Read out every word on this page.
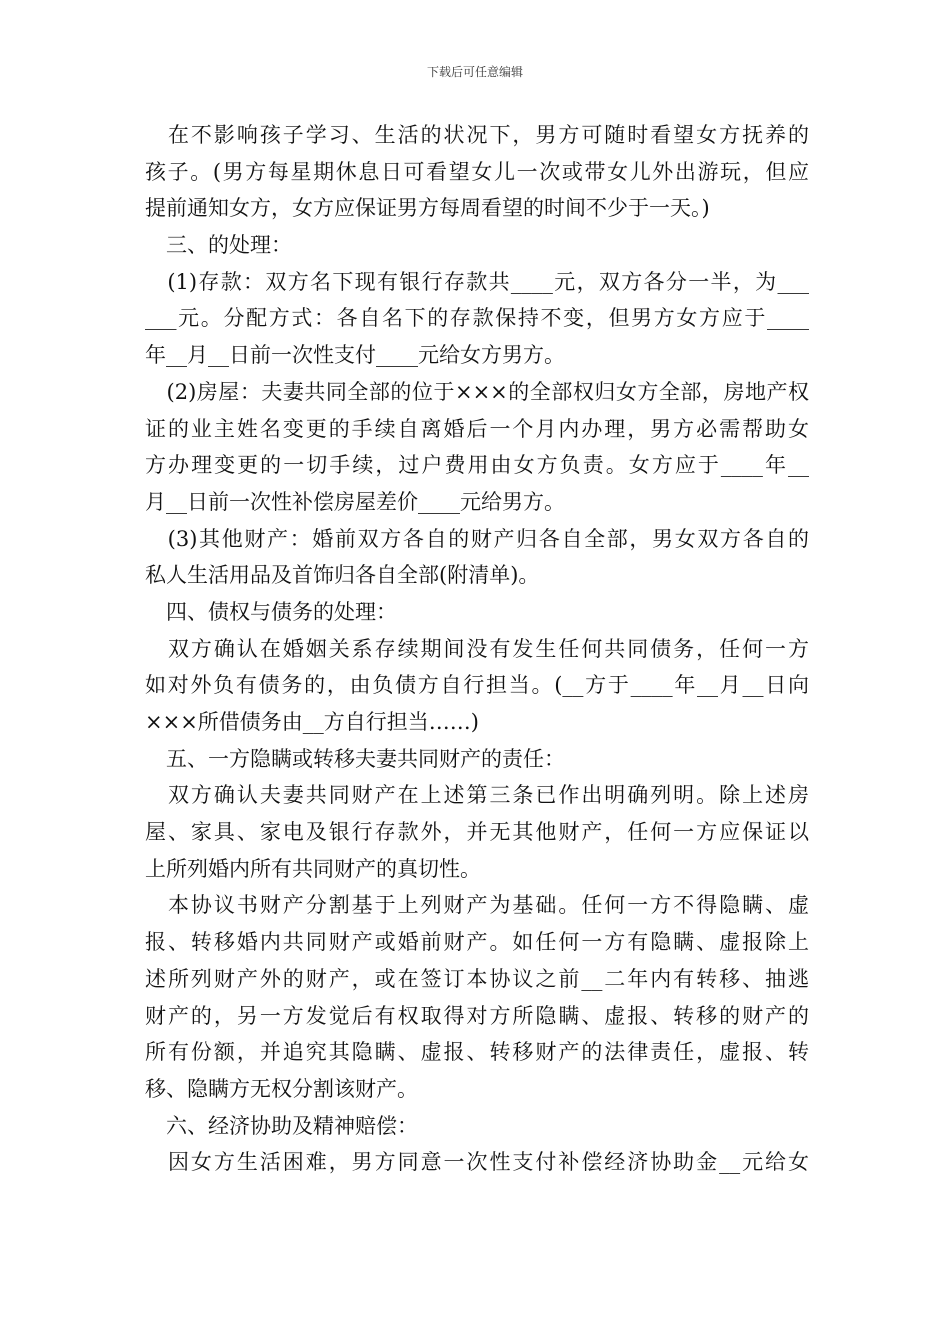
下载后可任意编辑
　在不影响孩子学习、生活的状况下，男方可随时看望女方抚养的
孩子。(男方每星期休息日可看望女儿一次或带女儿外出游玩，但应
提前通知女方，女方应保证男方每周看望的时间不少于一天。)
　三、的处理：
　(1)存款：双方名下现有银行存款共____元，双方各分一半，为___
___元。分配方式：各自名下的存款保持不变，但男方女方应于____
年__月__日前一次性支付____元给女方男方。
　(2)房屋：夫妻共同全部的位于×××的全部权归女方全部，房地产权
证的业主姓名变更的手续自离婚后一个月内办理，男方必需帮助女
方办理变更的一切手续，过户费用由女方负责。女方应于____年__
月__日前一次性补偿房屋差价____元给男方。
　(3)其他财产：婚前双方各自的财产归各自全部，男女双方各自的
私人生活用品及首饰归各自全部(附清单)。
　四、债权与债务的处理：
　双方确认在婚姻关系存续期间没有发生任何共同债务，任何一方
如对外负有债务的，由负债方自行担当。(__方于____年__月__日向
×××所借债务由__方自行担当……)
　五、一方隐瞒或转移夫妻共同财产的责任：
　双方确认夫妻共同财产在上述第三条已作出明确列明。除上述房
屋、家具、家电及银行存款外，并无其他财产，任何一方应保证以
上所列婚内所有共同财产的真切性。
　本协议书财产分割基于上列财产为基础。任何一方不得隐瞒、虚
报、转移婚内共同财产或婚前财产。如任何一方有隐瞒、虚报除上
述所列财产外的财产，或在签订本协议之前__二年内有转移、抽逃
财产的，另一方发觉后有权取得对方所隐瞒、虚报、转移的财产的
所有份额，并追究其隐瞒、虚报、转移财产的法律责任，虚报、转
移、隐瞒方无权分割该财产。
　六、经济协助及精神赔偿：
　因女方生活困难，男方同意一次性支付补偿经济协助金__元给女
